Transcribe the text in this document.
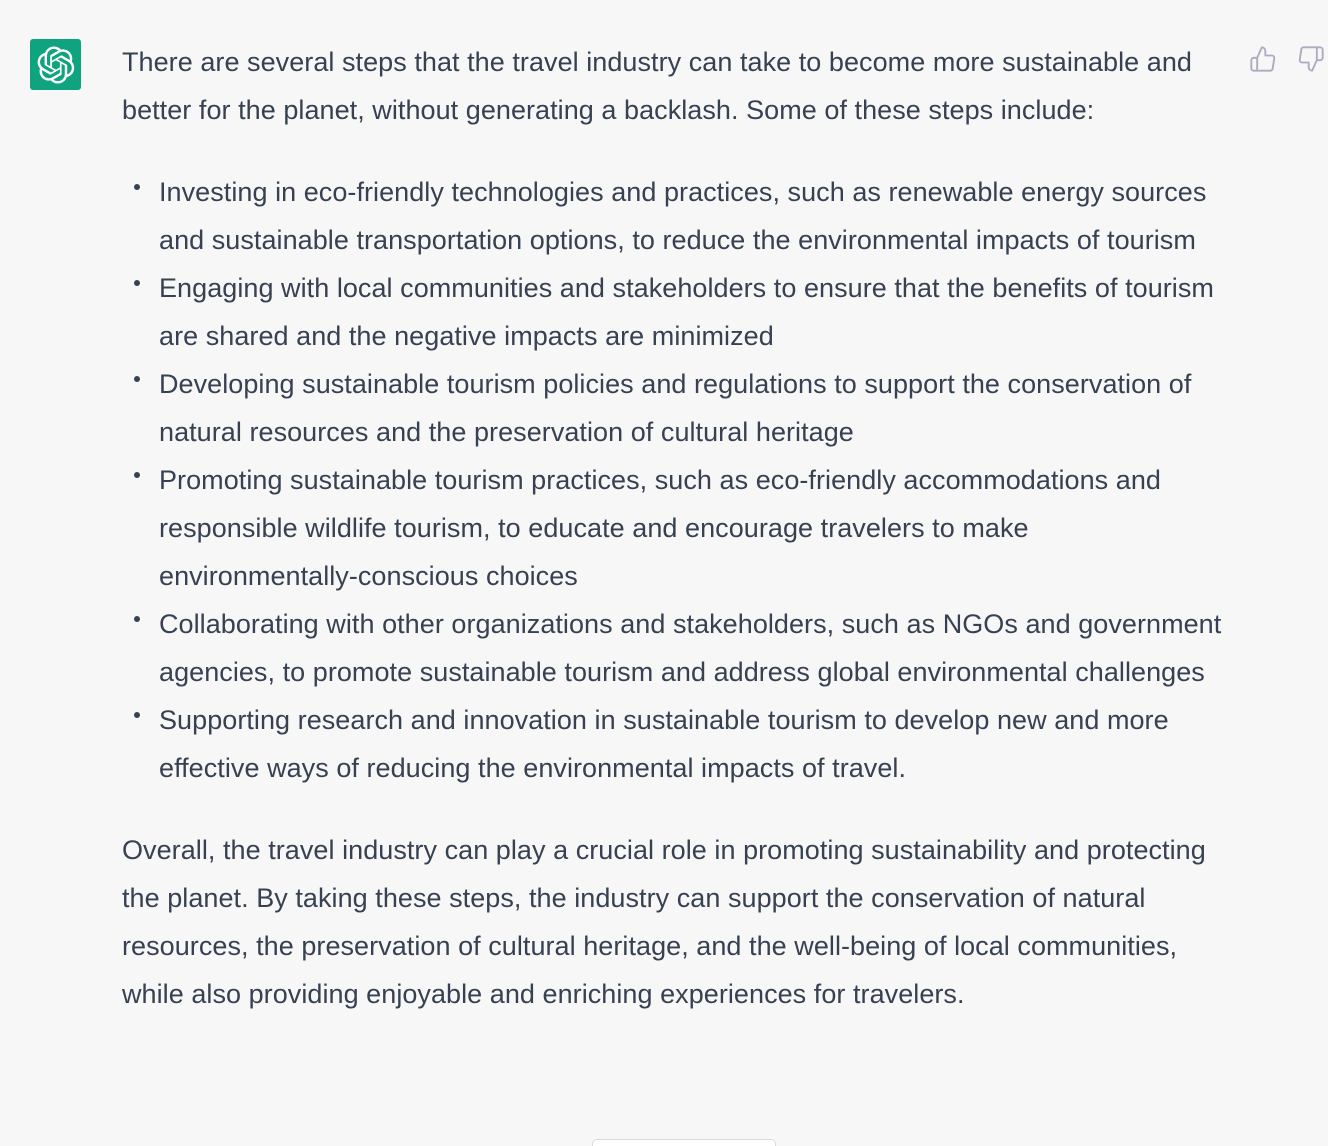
There are several steps that the travel industry can take to become more sustainable and better for the planet, without generating a backlash. Some of these steps include:

Investing in eco-friendly technologies and practices, such as renewable energy sources and sustainable transportation options, to reduce the environmental impacts of tourism
Engaging with local communities and stakeholders to ensure that the benefits of tourism are shared and the negative impacts are minimized
Developing sustainable tourism policies and regulations to support the conservation of natural resources and the preservation of cultural heritage
Promoting sustainable tourism practices, such as eco-friendly accommodations and responsible wildlife tourism, to educate and encourage travelers to make environmentally-conscious choices
Collaborating with other organizations and stakeholders, such as NGOs and government agencies, to promote sustainable tourism and address global environmental challenges
Supporting research and innovation in sustainable tourism to develop new and more effective ways of reducing the environmental impacts of travel.

Overall, the travel industry can play a crucial role in promoting sustainability and protecting the planet. By taking these steps, the industry can support the conservation of natural resources, the preservation of cultural heritage, and the well-being of local communities, while also providing enjoyable and enriching experiences for travelers.
